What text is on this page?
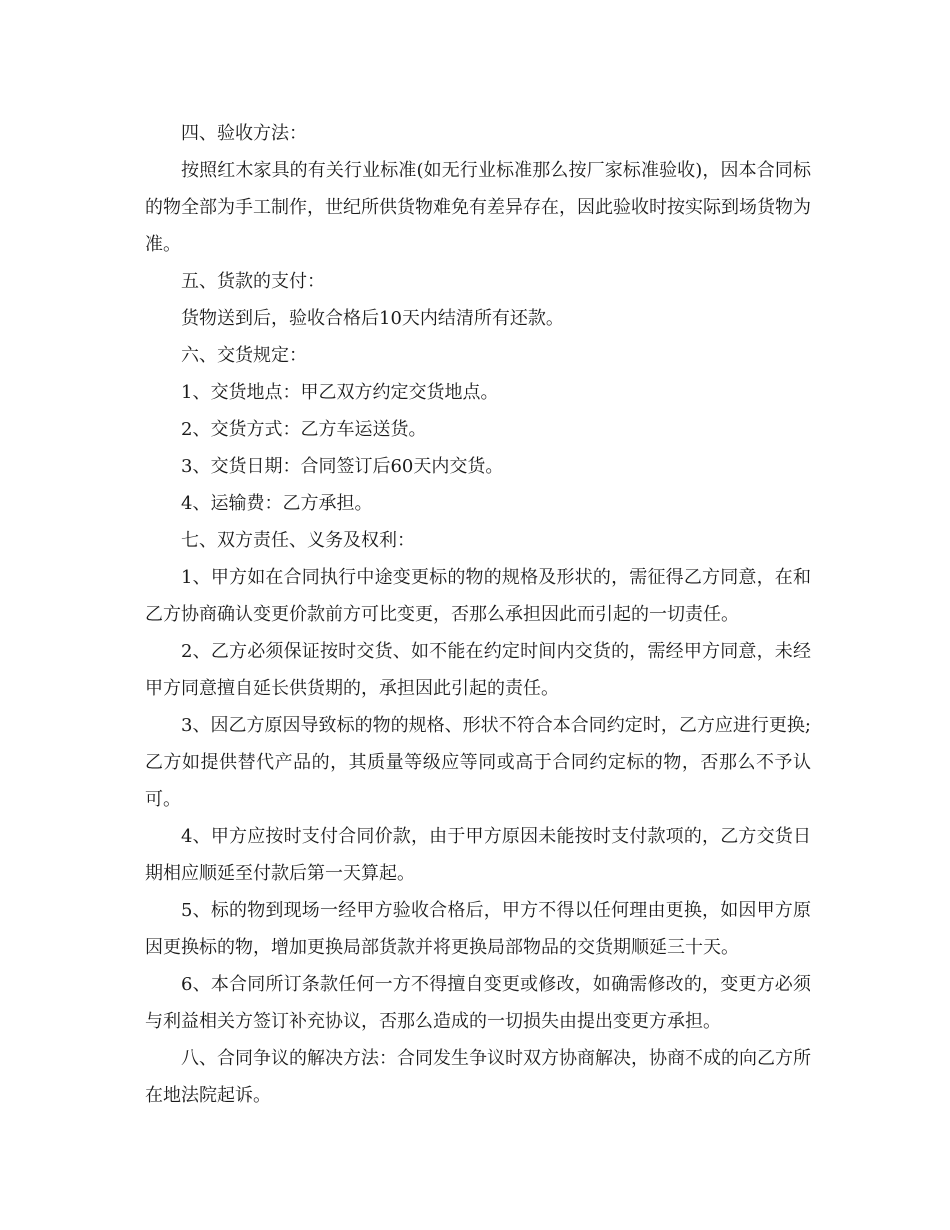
四、验收方法：

按照红木家具的有关行业标准(如无行业标准那么按厂家标准验收)，因本合同标的物全部为手工制作，世纪所供货物难免有差异存在，因此验收时按实际到场货物为准。

五、货款的支付：

货物送到后，验收合格后10天内结清所有还款。

六、交货规定：

1、交货地点：甲乙双方约定交货地点。

2、交货方式：乙方车运送货。

3、交货日期：合同签订后60天内交货。

4、运输费：乙方承担。

七、双方责任、义务及权利：

1、甲方如在合同执行中途变更标的物的规格及形状的，需征得乙方同意，在和乙方协商确认变更价款前方可比变更，否那么承担因此而引起的一切责任。

2、乙方必须保证按时交货、如不能在约定时间内交货的，需经甲方同意，未经甲方同意擅自延长供货期的，承担因此引起的责任。

3、因乙方原因导致标的物的规格、形状不符合本合同约定时，乙方应进行更换;乙方如提供替代产品的，其质量等级应等同或高于合同约定标的物，否那么不予认可。

4、甲方应按时支付合同价款，由于甲方原因未能按时支付款项的，乙方交货日期相应顺延至付款后第一天算起。

5、标的物到现场一经甲方验收合格后，甲方不得以任何理由更换，如因甲方原因更换标的物，增加更换局部货款并将更换局部物品的交货期顺延三十天。

6、本合同所订条款任何一方不得擅自变更或修改，如确需修改的，变更方必须与利益相关方签订补充协议，否那么造成的一切损失由提出变更方承担。

八、合同争议的解决方法：合同发生争议时双方协商解决，协商不成的向乙方所在地法院起诉。
